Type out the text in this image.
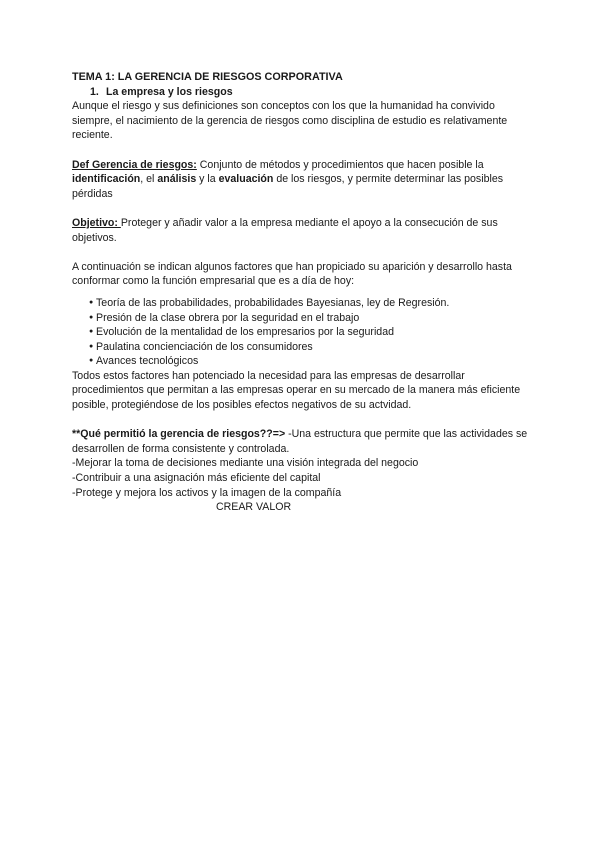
TEMA 1: LA GERENCIA DE RIESGOS CORPORATIVA

1. La empresa y los riesgos

Aunque el riesgo y sus definiciones son conceptos con los que la humanidad ha convivido siempre, el nacimiento de la gerencia de riesgos como disciplina de estudio es relativamente reciente.

Def Gerencia de riesgos: Conjunto de métodos y procedimientos que hacen posible la identificación, el análisis y la evaluación de los riesgos, y permite determinar las posibles pérdidas

Objetivo: Proteger y añadir valor a la empresa mediante el apoyo a la consecución de sus objetivos.

A continuación se indican algunos factores que han propiciado su aparición y desarrollo hasta conformar como la función empresarial que es a día de hoy:

● Teoría de las probabilidades, probabilidades Bayesianas, ley de Regresión.
● Presión de la clase obrera por la seguridad en el trabajo
● Evolución de la mentalidad de los empresarios por la seguridad
● Paulatina concienciación de los consumidores
● Avances tecnológicos

Todos estos factores han potenciado la necesidad para las empresas de desarrollar procedimientos que permitan a las empresas operar en su mercado de la manera más eficiente posible, protegiéndose de los posibles efectos negativos de su actvidad.

**Qué permitió la gerencia de riesgos??=> -Una estructura que permite que las actividades se desarrollen de forma consistente y controlada.

-Mejorar la toma de decisiones mediante una visión integrada del negocio

-Contribuir a una asignación más eficiente del capital

-Protege y mejora los activos y la imagen de la compañía

CREAR VALOR
